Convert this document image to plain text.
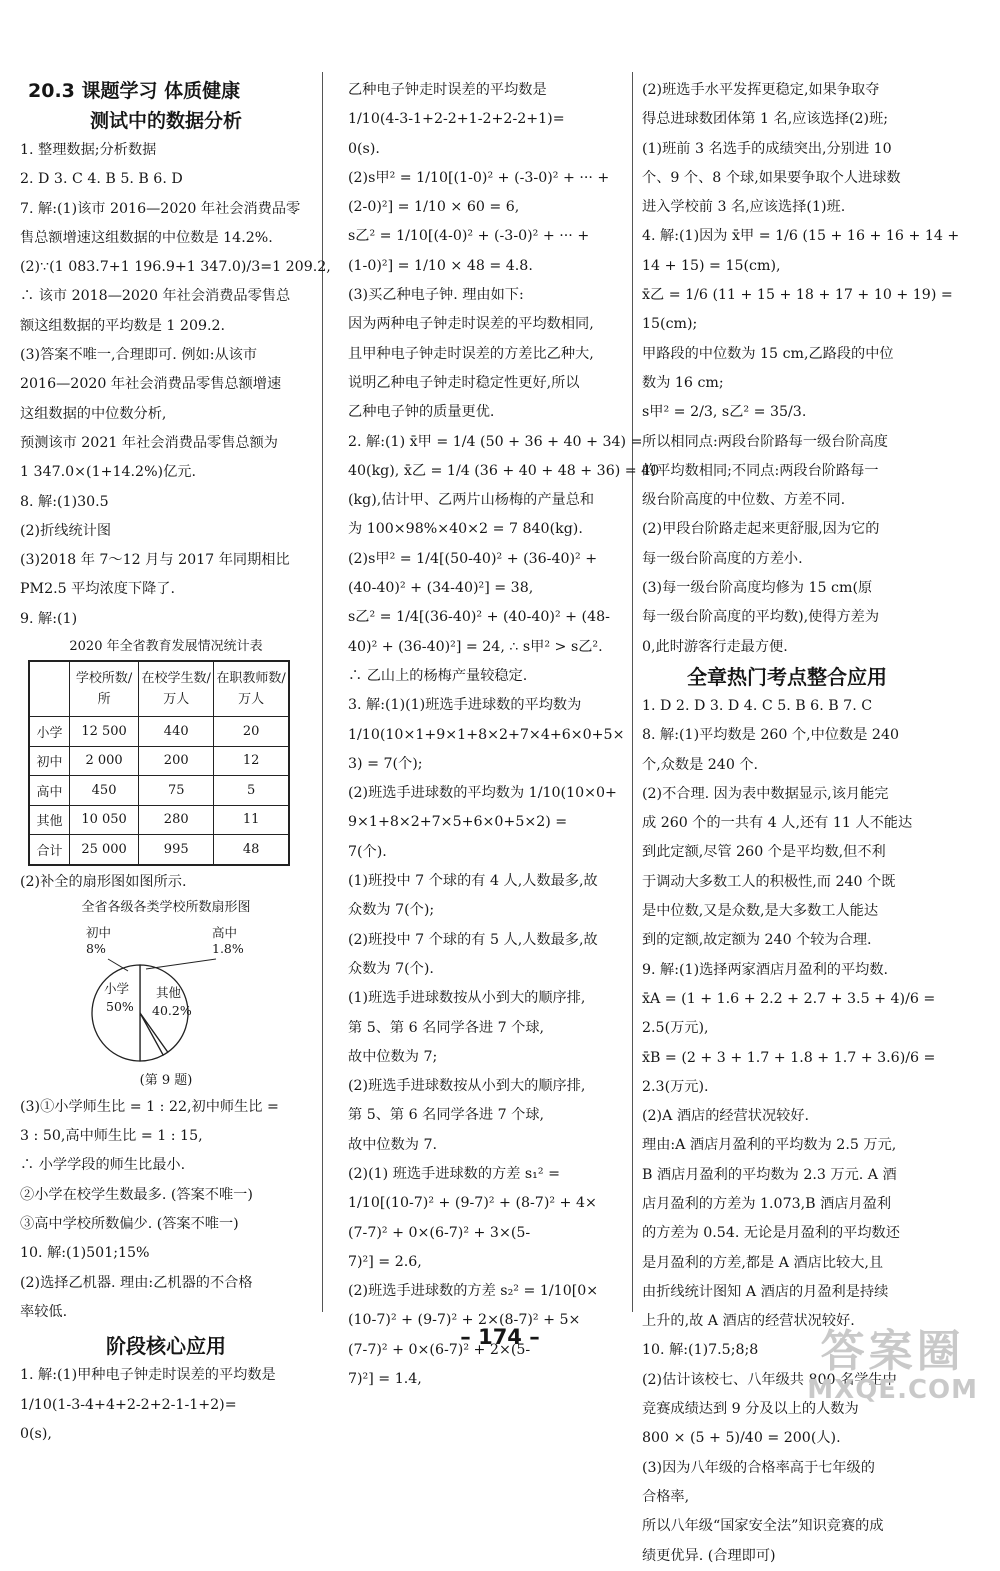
20.3 课题学习 体质健康
测试中的数据分析
1. 整理数据;分析数据
2. D 3. C 4. B 5. B 6. D
7. 解:(1)该市 2016—2020 年社会消费品零
售总额增速这组数据的中位数是 14.2%.
(2)∵(1 083.7+1 196.9+1 347.0)/3=1 209.2,
∴ 该市 2018—2020 年社会消费品零售总
额这组数据的平均数是 1 209.2.
(3)答案不唯一,合理即可. 例如:从该市
2016—2020 年社会消费品零售总额增速
这组数据的中位数分析,
预测该市 2021 年社会消费品零售总额为
1 347.0×(1+14.2%)亿元.
8. 解:(1)30.5
(2)折线统计图
(3)2018 年 7～12 月与 2017 年同期相比
PM2.5 平均浓度下降了.
9. 解:(1)
2020 年全省教育发展情况统计表
	学校所数/所	在校学生数/万人	在职教师数/万人
小学	12 500	440	20
初中	2 000	200	12
高中	450	75	5
其他	10 050	280	11
合计	25 000	995	48
(2)补全的扇形图如图所示.
全省各级各类学校所数扇形图
初中
8%
高中
1.8%
小学
50%
其他
40.2%
(第 9 题)
(3)①小学师生比 = 1 : 22,初中师生比 =
3 : 50,高中师生比 = 1 : 15,
∴ 小学学段的师生比最小.
②小学在校学生数最多. (答案不唯一)
③高中学校所数偏少. (答案不唯一)
10. 解:(1)501;15%
(2)选择乙机器. 理由:乙机器的不合格
率较低.
阶段核心应用
1. 解:(1)甲种电子钟走时误差的平均数是
1/10(1-3-4+4+2-2+2-1-1+2)=
0(s),
乙种电子钟走时误差的平均数是
1/10(4-3-1+2-2+1-2+2-2+1)=
0(s).
(2)s甲² = 1/10[(1-0)² + (-3-0)² + ··· +
(2-0)²] = 1/10 × 60 = 6,
s乙² = 1/10[(4-0)² + (-3-0)² + ··· +
(1-0)²] = 1/10 × 48 = 4.8.
(3)买乙种电子钟. 理由如下:
因为两种电子钟走时误差的平均数相同,
且甲种电子钟走时误差的方差比乙种大,
说明乙种电子钟走时稳定性更好,所以
乙种电子钟的质量更优.
2. 解:(1) x̄甲 = 1/4 (50 + 36 + 40 + 34) =
40(kg), x̄乙 = 1/4 (36 + 40 + 48 + 36) = 40
(kg),估计甲、乙两片山杨梅的产量总和
为 100×98%×40×2 = 7 840(kg).
(2)s甲² = 1/4[(50-40)² + (36-40)² +
(40-40)² + (34-40)²] = 38,
s乙² = 1/4[(36-40)² + (40-40)² + (48-
40)² + (36-40)²] = 24, ∴ s甲² > s乙².
∴ 乙山上的杨梅产量较稳定.
3. 解:(1)(1)班选手进球数的平均数为
1/10(10×1+9×1+8×2+7×4+6×0+5×
3) = 7(个);
(2)班选手进球数的平均数为 1/10(10×0+
9×1+8×2+7×5+6×0+5×2) =
7(个).
(1)班投中 7 个球的有 4 人,人数最多,故
众数为 7(个);
(2)班投中 7 个球的有 5 人,人数最多,故
众数为 7(个).
(1)班选手进球数按从小到大的顺序排,
第 5、第 6 名同学各进 7 个球,
故中位数为 7;
(2)班选手进球数按从小到大的顺序排,
第 5、第 6 名同学各进 7 个球,
故中位数为 7.
(2)(1) 班选手进球数的方差 s₁² =
1/10[(10-7)² + (9-7)² + (8-7)² + 4×
(7-7)² + 0×(6-7)² + 3×(5-
7)²] = 2.6,
(2)班选手进球数的方差 s₂² = 1/10[0×
(10-7)² + (9-7)² + 2×(8-7)² + 5×
(7-7)² + 0×(6-7)² + 2×(5-
7)²] = 1.4,
(2)班选手水平发挥更稳定,如果争取夺
得总进球数团体第 1 名,应该选择(2)班;
(1)班前 3 名选手的成绩突出,分别进 10
个、9 个、8 个球,如果要争取个人进球数
进入学校前 3 名,应该选择(1)班.
4. 解:(1)因为 x̄甲 = 1/6 (15 + 16 + 16 + 14 +
14 + 15) = 15(cm),
x̄乙 = 1/6 (11 + 15 + 18 + 17 + 10 + 19) =
15(cm);
甲路段的中位数为 15 cm,乙路段的中位
数为 16 cm;
s甲² = 2/3, s乙² = 35/3.
所以相同点:两段台阶路每一级台阶高度
的平均数相同;不同点:两段台阶路每一
级台阶高度的中位数、方差不同.
(2)甲段台阶路走起来更舒服,因为它的
每一级台阶高度的方差小.
(3)每一级台阶高度均修为 15 cm(原
每一级台阶高度的平均数),使得方差为
0,此时游客行走最方便.
全章热门考点整合应用
1. D 2. D 3. D 4. C 5. B 6. B 7. C
8. 解:(1)平均数是 260 个,中位数是 240
个,众数是 240 个.
(2)不合理. 因为表中数据显示,该月能完
成 260 个的一共有 4 人,还有 11 人不能达
到此定额,尽管 260 个是平均数,但不利
于调动大多数工人的积极性,而 240 个既
是中位数,又是众数,是大多数工人能达
到的定额,故定额为 240 个较为合理.
9. 解:(1)选择两家酒店月盈利的平均数.
x̄A = (1 + 1.6 + 2.2 + 2.7 + 3.5 + 4)/6 =
2.5(万元),
x̄B = (2 + 3 + 1.7 + 1.8 + 1.7 + 3.6)/6 =
2.3(万元).
(2)A 酒店的经营状况较好.
理由:A 酒店月盈利的平均数为 2.5 万元,
B 酒店月盈利的平均数为 2.3 万元. A 酒
店月盈利的方差为 1.073,B 酒店月盈利
的方差为 0.54. 无论是月盈利的平均数还
是月盈利的方差,都是 A 酒店比较大,且
由折线统计图知 A 酒店的月盈利是持续
上升的,故 A 酒店的经营状况较好.
10. 解:(1)7.5;8;8
(2)估计该校七、八年级共 800 名学生中
竞赛成绩达到 9 分及以上的人数为
800 × (5 + 5)/40 = 200(人).
(3)因为八年级的合格率高于七年级的
合格率,
所以八年级“国家安全法”知识竞赛的成
绩更优异. (合理即可)
– 174 –	答案圈
MXQE.COM
